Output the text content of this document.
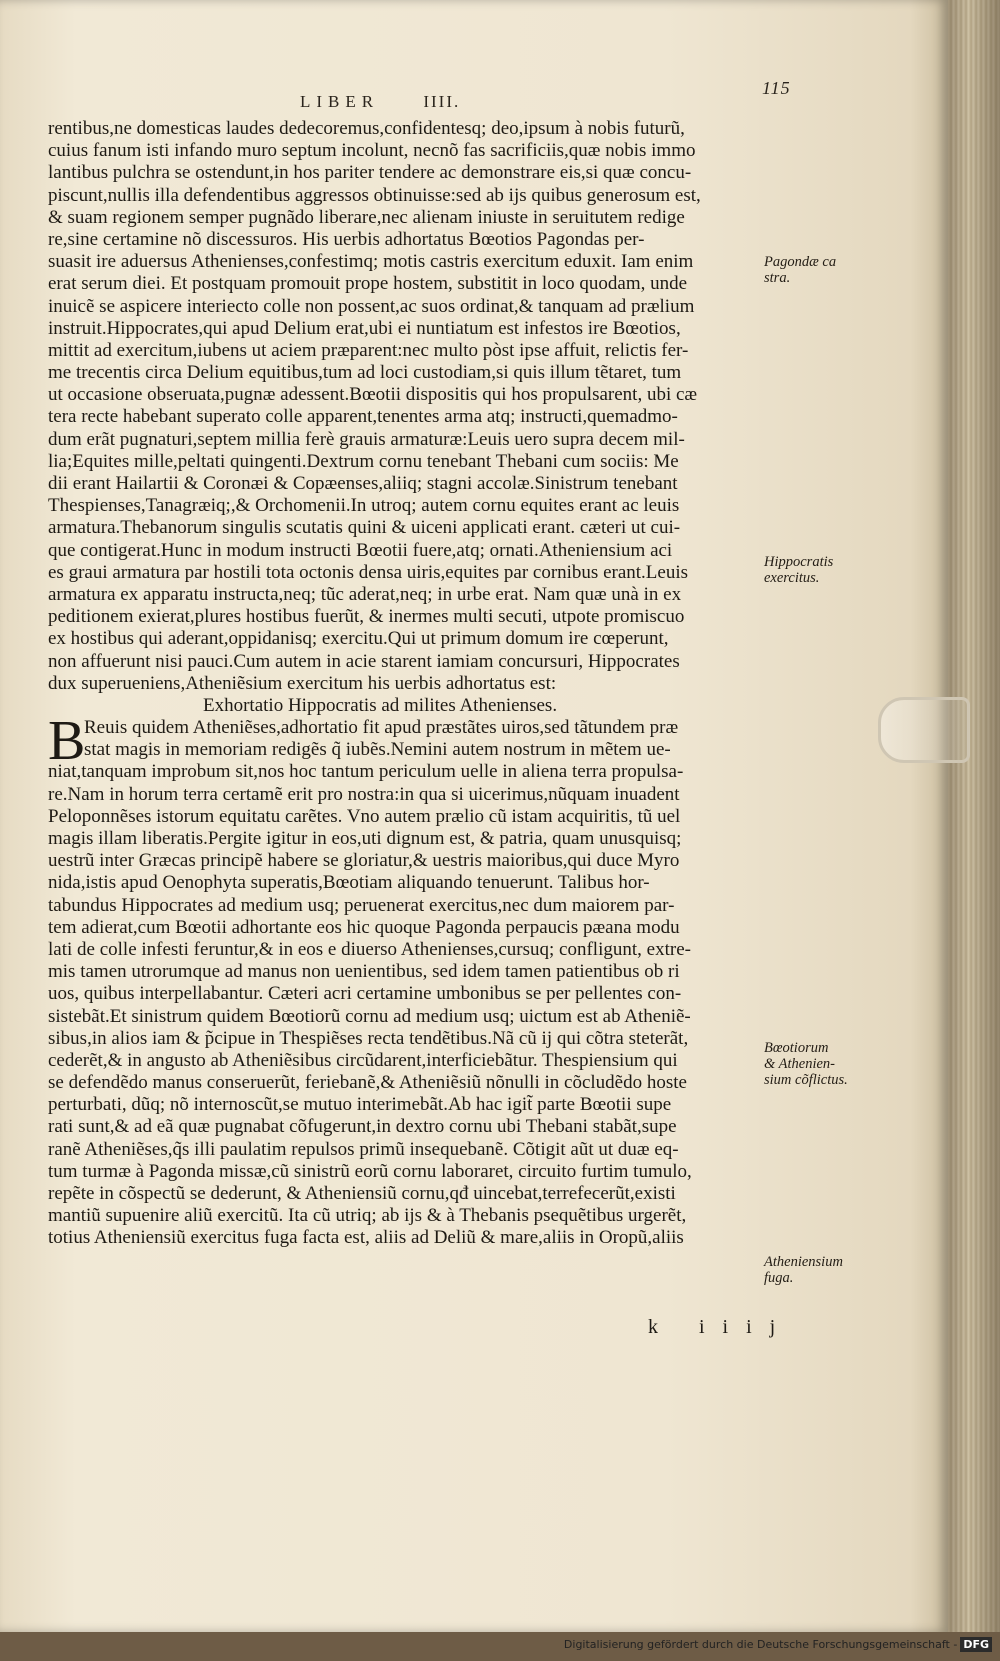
LIBER	IIII.
115
rentibus,ne domesticas laudes dedecoremus,confidentesq; deo,ipsum à nobis futurũ,
cuius fanum isti infando muro septum incolunt, necnõ fas sacrificiis,quæ nobis immo
lantibus pulchra se ostendunt,in hos pariter tendere ac demonstrare eis,si quæ concu-
piscunt,nullis illa defendentibus aggressos obtinuisse:sed ab ijs quibus generosum est,
& suam regionem semper pugnãdo liberare,nec alienam iniuste in seruitutem redige
re,sine certamine nõ discessuros. His uerbis adhortatus Bœotios Pagondas per-
suasit ire aduersus Athenienses,confestimq; motis castris exercitum eduxit. Iam enim
erat serum diei. Et postquam promouit prope hostem, substitit in loco quodam, unde
inuicẽ se aspicere interiecto colle non possent,ac suos ordinat,& tanquam ad prælium
instruit.Hippocrates,qui apud Delium erat,ubi ei nuntiatum est infestos ire Bœotios,
mittit ad exercitum,iubens ut aciem præparent:nec multo pòst ipse affuit, relictis fer-
me trecentis circa Delium equitibus,tum ad loci custodiam,si quis illum tẽtaret, tum
ut occasione obseruata,pugnæ adessent.Bœotii dispositis qui hos propulsarent, ubi cæ
tera recte habebant superato colle apparent,tenentes arma atq; instructi,quemadmo-
dum erãt pugnaturi,septem millia ferè grauis armaturæ:Leuis uero supra decem mil-
lia;Equites mille,peltati quingenti.Dextrum cornu tenebant Thebani cum sociis: Me
dii erant Hailartii & Coronæi & Copæenses,aliiq; stagni accolæ.Sinistrum tenebant
Thespienses,Tanagræiq;,& Orchomenii.In utroq; autem cornu equites erant ac leuis
armatura.Thebanorum singulis scutatis quini & uiceni applicati erant. cæteri ut cui-
que contigerat.Hunc in modum instructi Bœotii fuere,atq; ornati.Atheniensium aci
es graui armatura par hostili tota octonis densa uiris,equites par cornibus erant.Leuis
armatura ex apparatu instructa,neq; tũc aderat,neq; in urbe erat. Nam quæ unà in ex
peditionem exierat,plures hostibus fuerũt, & inermes multi secuti, utpote promiscuo
ex hostibus qui aderant,oppidanisq; exercitu.Qui ut primum domum ire cœperunt,
non affuerunt nisi pauci.Cum autem in acie starent iamiam concursuri, Hippocrates
dux superueniens,Atheniẽsium exercitum his uerbis adhortatus est:
Exhortatio Hippocratis ad milites Athenienses.
B
Reuis quidem Atheniẽses,adhortatio fit apud præstãtes uiros,sed tãtundem præ
stat magis in memoriam redigẽs q̃ iubẽs.Nemini autem nostrum in mẽtem ue-
niat,tanquam improbum sit,nos hoc tantum periculum uelle in aliena terra propulsa-
re.Nam in horum terra certamẽ erit pro nostra:in qua si uicerimus,nũquam inuadent
Peloponnẽses istorum equitatu carẽtes. Vno autem prælio cũ istam acquiritis, tũ uel
magis illam liberatis.Pergite igitur in eos,uti dignum est, & patria, quam unusquisq;
uestrũ inter Græcas principẽ habere se gloriatur,& uestris maioribus,qui duce Myro
nida,istis apud Oenophyta superatis,Bœotiam aliquando tenuerunt. Talibus hor-
tabundus Hippocrates ad medium usq; peruenerat exercitus,nec dum maiorem par-
tem adierat,cum Bœotii adhortante eos hic quoque Pagonda perpaucis pæana modu
lati de colle infesti feruntur,& in eos e diuerso Athenienses,cursuq; confligunt, extre-
mis tamen utrorumque ad manus non uenientibus, sed idem tamen patientibus ob ri
uos, quibus interpellabantur. Cæteri acri certamine umbonibus se per pellentes con-
sistebãt.Et sinistrum quidem Bœotiorũ cornu ad medium usq; uictum est ab Atheniẽ-
sibus,in alios iam & p̃cipue in Thespiẽses recta tendẽtibus.Nã cũ ij qui cõtra steterãt,
cederẽt,& in angusto ab Atheniẽsibus circũdarent,interficiebãtur. Thespiensium qui
se defendẽdo manus conseruerũt, feriebanẽ,& Atheniẽsiũ nõnulli in cõcludẽdo hoste
perturbati, dũq; nõ internoscũt,se mutuo interimebãt.Ab hac igit̃ parte Bœotii supe
rati sunt,& ad eã quæ pugnabat cõfugerunt,in dextro cornu ubi Thebani stabãt,supe
ranẽ Atheniẽses,q̃s illi paulatim repulsos primũ insequebanẽ. Cõtigit aũt ut duæ eq-
tum turmæ à Pagonda missæ,cũ sinistrũ eorũ cornu laboraret, circuito furtim tumulo,
repẽte in cõspectũ se dederunt, & Atheniensiũ cornu,qđ uincebat,terrefecerũt,existi
mantiũ supuenire aliũ exercitũ. Ita cũ utriq; ab ijs & à Thebanis psequẽtibus urgerẽt,
totius Atheniensiũ exercitus fuga facta est, aliis ad Deliũ & mare,aliis in Oropũ,aliis
Pagondæ ca
stra.
Hippocratis
exercitus.
Bœotiorum
& Athenien-
sium cõflictus.
Atheniensium
fuga.
k iiij
Digitalisierung gefördert durch die Deutsche Forschungsgemeinschaft - DFG
